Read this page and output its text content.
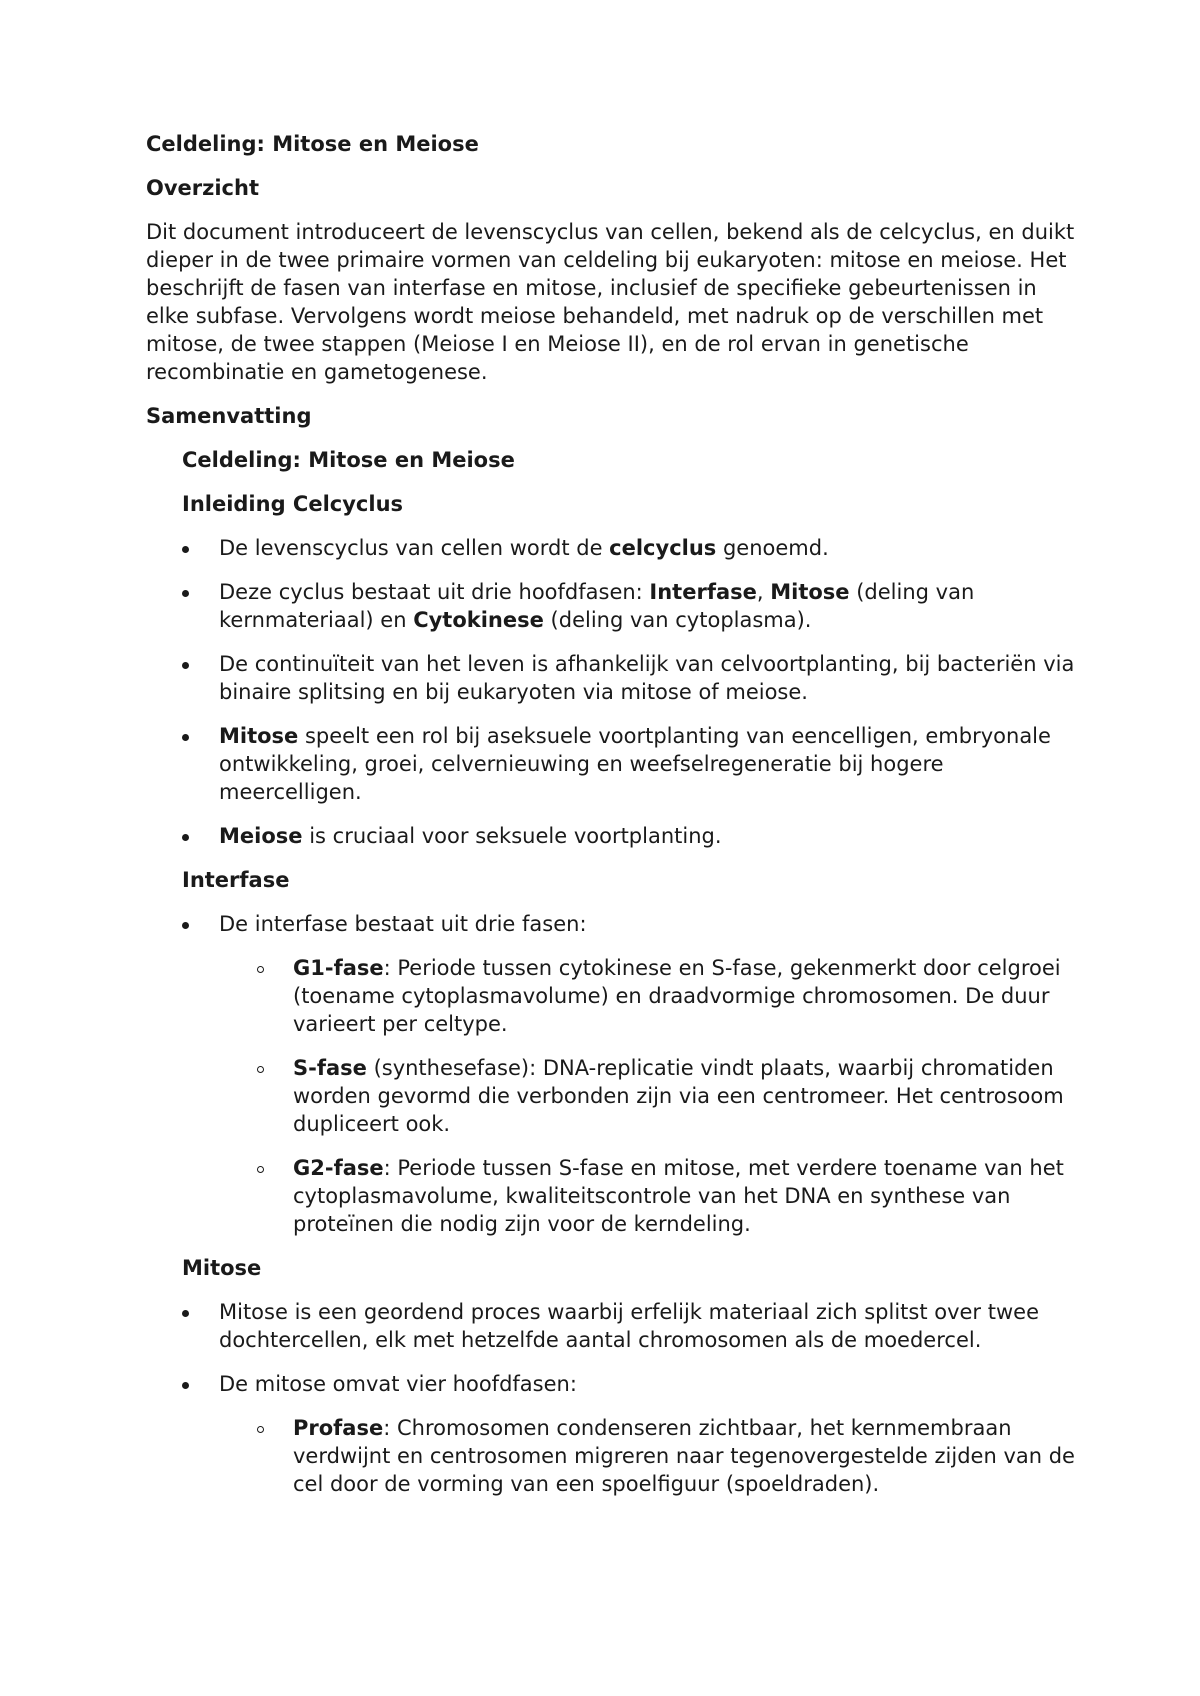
Celdeling: Mitose en Meiose
Overzicht

Dit document introduceert de levenscyclus van cellen, bekend als de celcyclus, en duikt dieper in de twee primaire vormen van celdeling bij eukaryoten: mitose en meiose. Het beschrijft de fasen van interfase en mitose, inclusief de specifieke gebeurtenissen in elke subfase. Vervolgens wordt meiose behandeld, met nadruk op de verschillen met mitose, de twee stappen (Meiose I en Meiose II), en de rol ervan in genetische recombinatie en gametogenese.

Samenvatting
Celdeling: Mitose en Meiose
Inleiding Celcyclus
De levenscyclus van cellen wordt de celcyclus genoemd.
Deze cyclus bestaat uit drie hoofdfasen: Interfase, Mitose (deling van kernmateriaal) en Cytokinese (deling van cytoplasma).
De continuïteit van het leven is afhankelijk van celvoortplanting, bij bacteriën via binaire splitsing en bij eukaryoten via mitose of meiose.
Mitose speelt een rol bij aseksuele voortplanting van eencelligen, embryonale ontwikkeling, groei, celvernieuwing en weefselregeneratie bij hogere meercelligen.
Meiose is cruciaal voor seksuele voortplanting.
Interfase
De interfase bestaat uit drie fasen:
G1-fase: Periode tussen cytokinese en S-fase, gekenmerkt door celgroei (toename cytoplasmavolume) en draadvormige chromosomen. De duur varieert per celtype.
S-fase (synthesefase): DNA-replicatie vindt plaats, waarbij chromatiden worden gevormd die verbonden zijn via een centromeer. Het centrosoom dupliceert ook.
G2-fase: Periode tussen S-fase en mitose, met verdere toename van het cytoplasmavolume, kwaliteitscontrole van het DNA en synthese van proteïnen die nodig zijn voor de kerndeling.
Mitose
Mitose is een geordend proces waarbij erfelijk materiaal zich splitst over twee dochtercellen, elk met hetzelfde aantal chromosomen als de moedercel.
De mitose omvat vier hoofdfasen:
Profase: Chromosomen condenseren zichtbaar, het kernmembraan verdwijnt en centrosomen migreren naar tegenovergestelde zijden van de cel door de vorming van een spoelfiguur (spoeldraden).
